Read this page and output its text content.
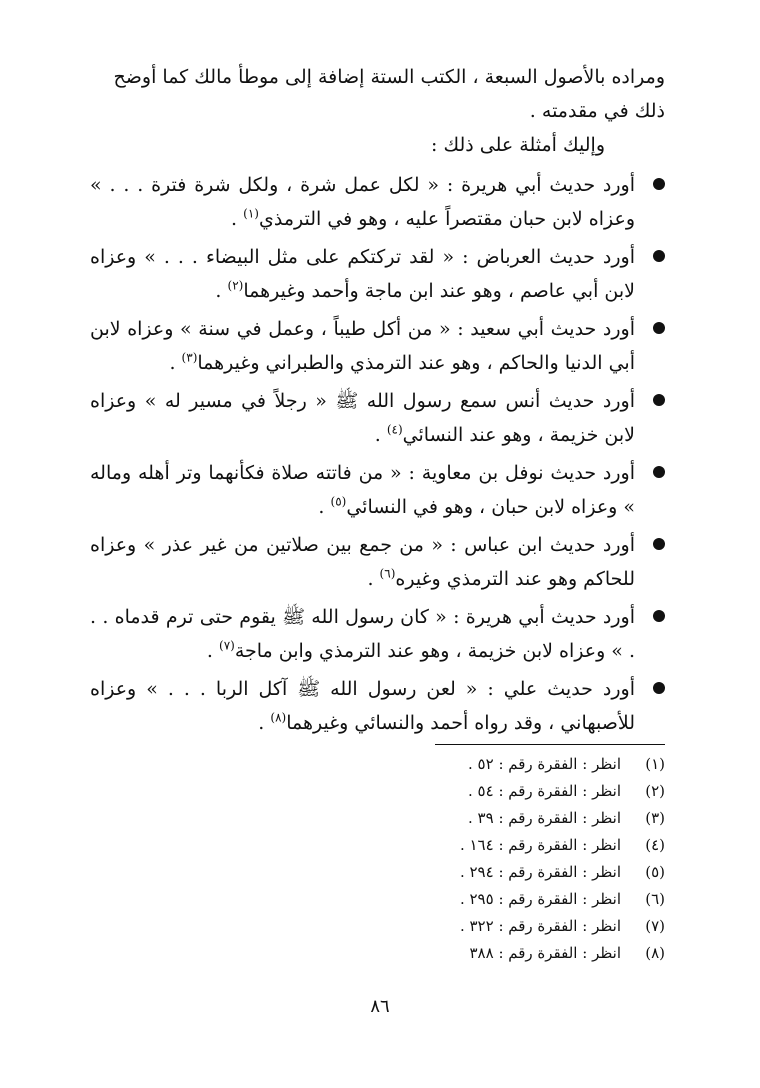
ومراده بالأصول السبعة ، الكتب الستة إضافة إلى موطأ مالك كما أوضح

ذلك في مقدمته .

وإليك أمثلة على ذلك :

أورد حديث أبي هريرة : « لكل عمل شرة ، ولكل شرة فترة . . . » وعزاه لابن حبان مقتصراً عليه ، وهو في الترمذي$^{(١)}$ .
أورد حديث العرباض : « لقد تركتكم على مثل البيضاء . . . » وعزاه لابن أبي عاصم ، وهو عند ابن ماجة وأحمد وغيرهما$^{(٢)}$ .
أورد حديث أبي سعيد : « من أكل طيباً ، وعمل في سنة » وعزاه لابن أبي الدنيا والحاكم ، وهو عند الترمذي والطبراني وغيرهما$^{(٣)}$ .
أورد حديث أنس سمع رسول الله ﷺ « رجلاً في مسير له » وعزاه لابن خزيمة ، وهو عند النسائي$^{(٤)}$ .
أورد حديث نوفل بن معاوية : « من فاتته صلاة فكأنهما وتر أهله وماله » وعزاه لابن حبان ، وهو في النسائي$^{(٥)}$ .
أورد حديث ابن عباس : « من جمع بين صلاتين من غير عذر » وعزاه للحاكم وهو عند الترمذي وغيره$^{(٦)}$ .
أورد حديث أبي هريرة : « كان رسول الله ﷺ يقوم حتى ترم قدماه . . . » وعزاه لابن خزيمة ، وهو عند الترمذي وابن ماجة$^{(٧)}$ .
أورد حديث علي : « لعن رسول الله ﷺ آكل الربا . . . » وعزاه للأصبهاني ، وقد رواه أحمد والنسائي وغيرهما$^{(٨)}$ .
(١)انظر : الفقرة رقم : ٥٢ .
(٢)انظر : الفقرة رقم : ٥٤ .
(٣)انظر : الفقرة رقم : ٣٩ .
(٤)انظر : الفقرة رقم : ١٦٤ .
(٥)انظر : الفقرة رقم : ٢٩٤ .
(٦)انظر : الفقرة رقم : ٢٩٥ .
(٧)انظر : الفقرة رقم : ٣٢٢ .
(٨)انظر : الفقرة رقم : ٣٨٨
٨٦
